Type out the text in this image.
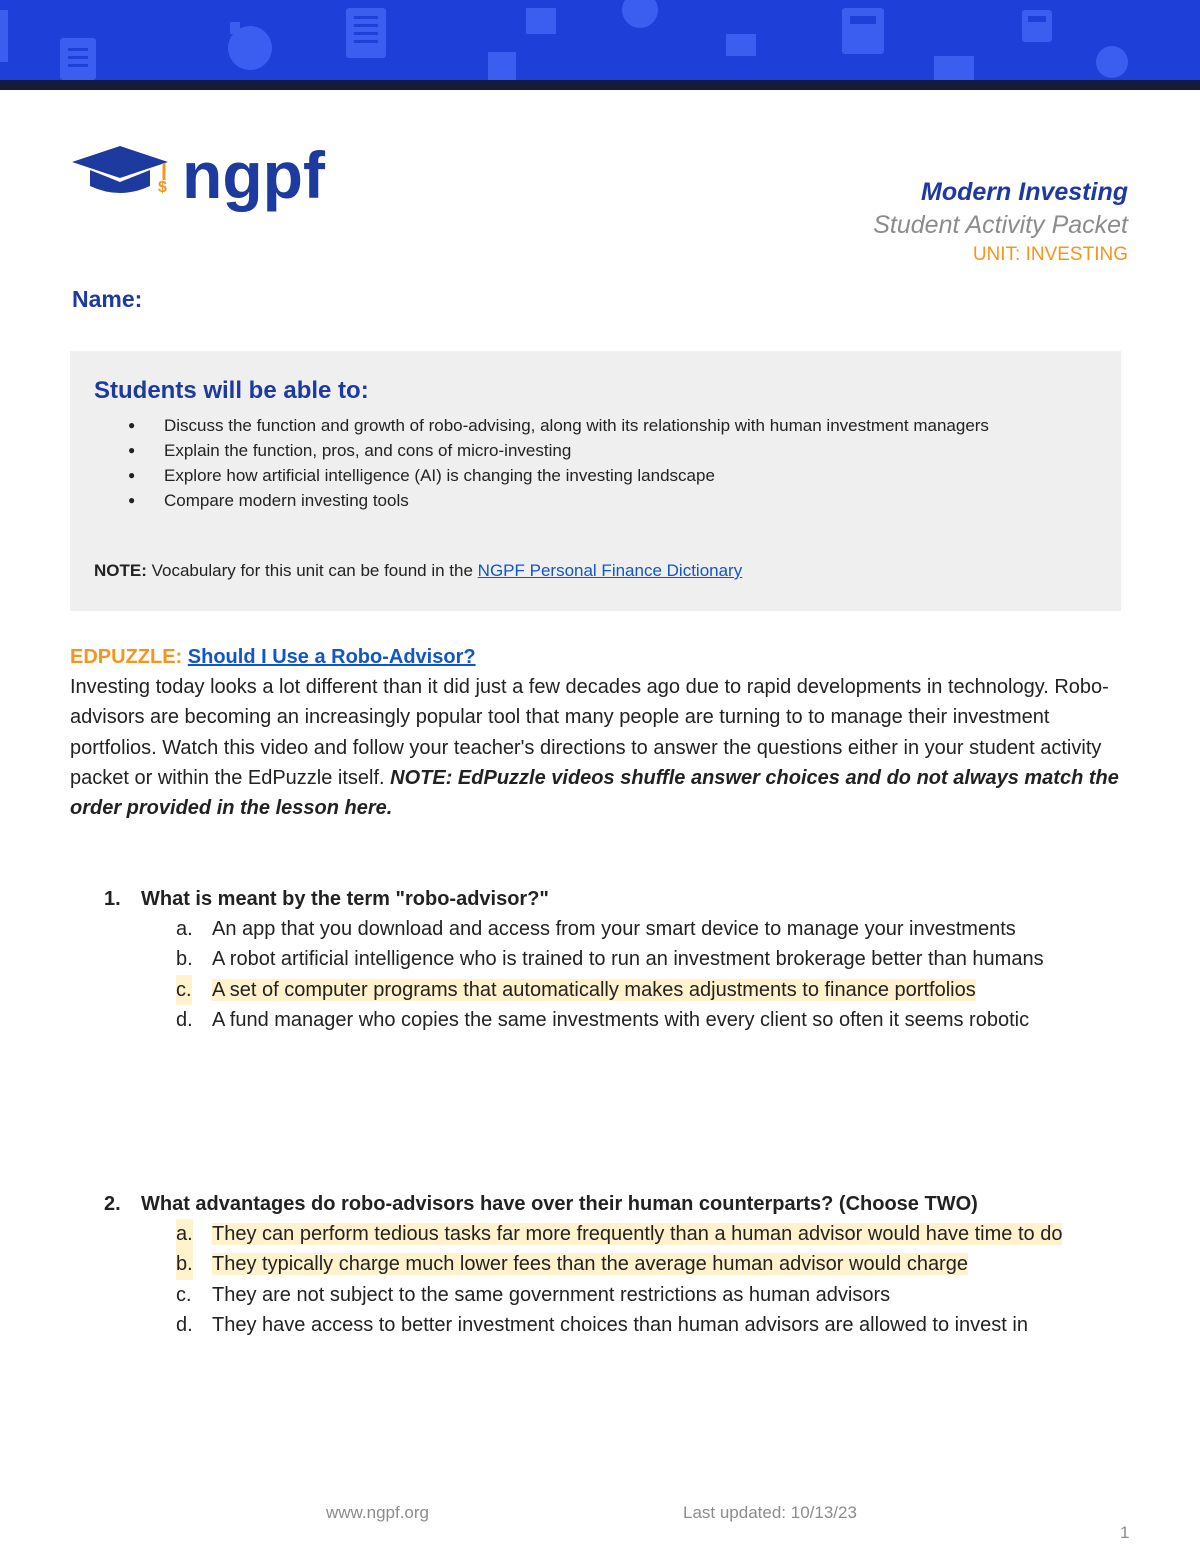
$ ngpf	Modern Investing
Student Activity Packet
UNIT: INVESTING
Name:
Students will be able to:
● Discuss the function and growth of robo-advising, along with its relationship with human investment managers
● Explain the function, pros, and cons of micro-investing
● Explore how artificial intelligence (AI) is changing the investing landscape
● Compare modern investing tools
NOTE: Vocabulary for this unit can be found in the NGPF Personal Finance Dictionary
EDPUZZLE: Should I Use a Robo-Advisor?
Investing today looks a lot different than it did just a few decades ago due to rapid developments in technology. Robo-advisors are becoming an increasingly popular tool that many people are turning to to manage their investment portfolios. Watch this video and follow your teacher's directions to answer the questions either in your student activity packet or within the EdPuzzle itself. NOTE: EdPuzzle videos shuffle answer choices and do not always match the order provided in the lesson here.
1. What is meant by the term "robo-advisor?"
a. An app that you download and access from your smart device to manage your investments
b. A robot artificial intelligence who is trained to run an investment brokerage better than humans
c. A set of computer programs that automatically makes adjustments to finance portfolios
d. A fund manager who copies the same investments with every client so often it seems robotic
2. What advantages do robo-advisors have over their human counterparts? (Choose TWO)
a. They can perform tedious tasks far more frequently than a human advisor would have time to do
b. They typically charge much lower fees than the average human advisor would charge
c. They are not subject to the same government restrictions as human advisors
d. They have access to better investment choices than human advisors are allowed to invest in
www.ngpf.org	Last updated: 10/13/23
1
